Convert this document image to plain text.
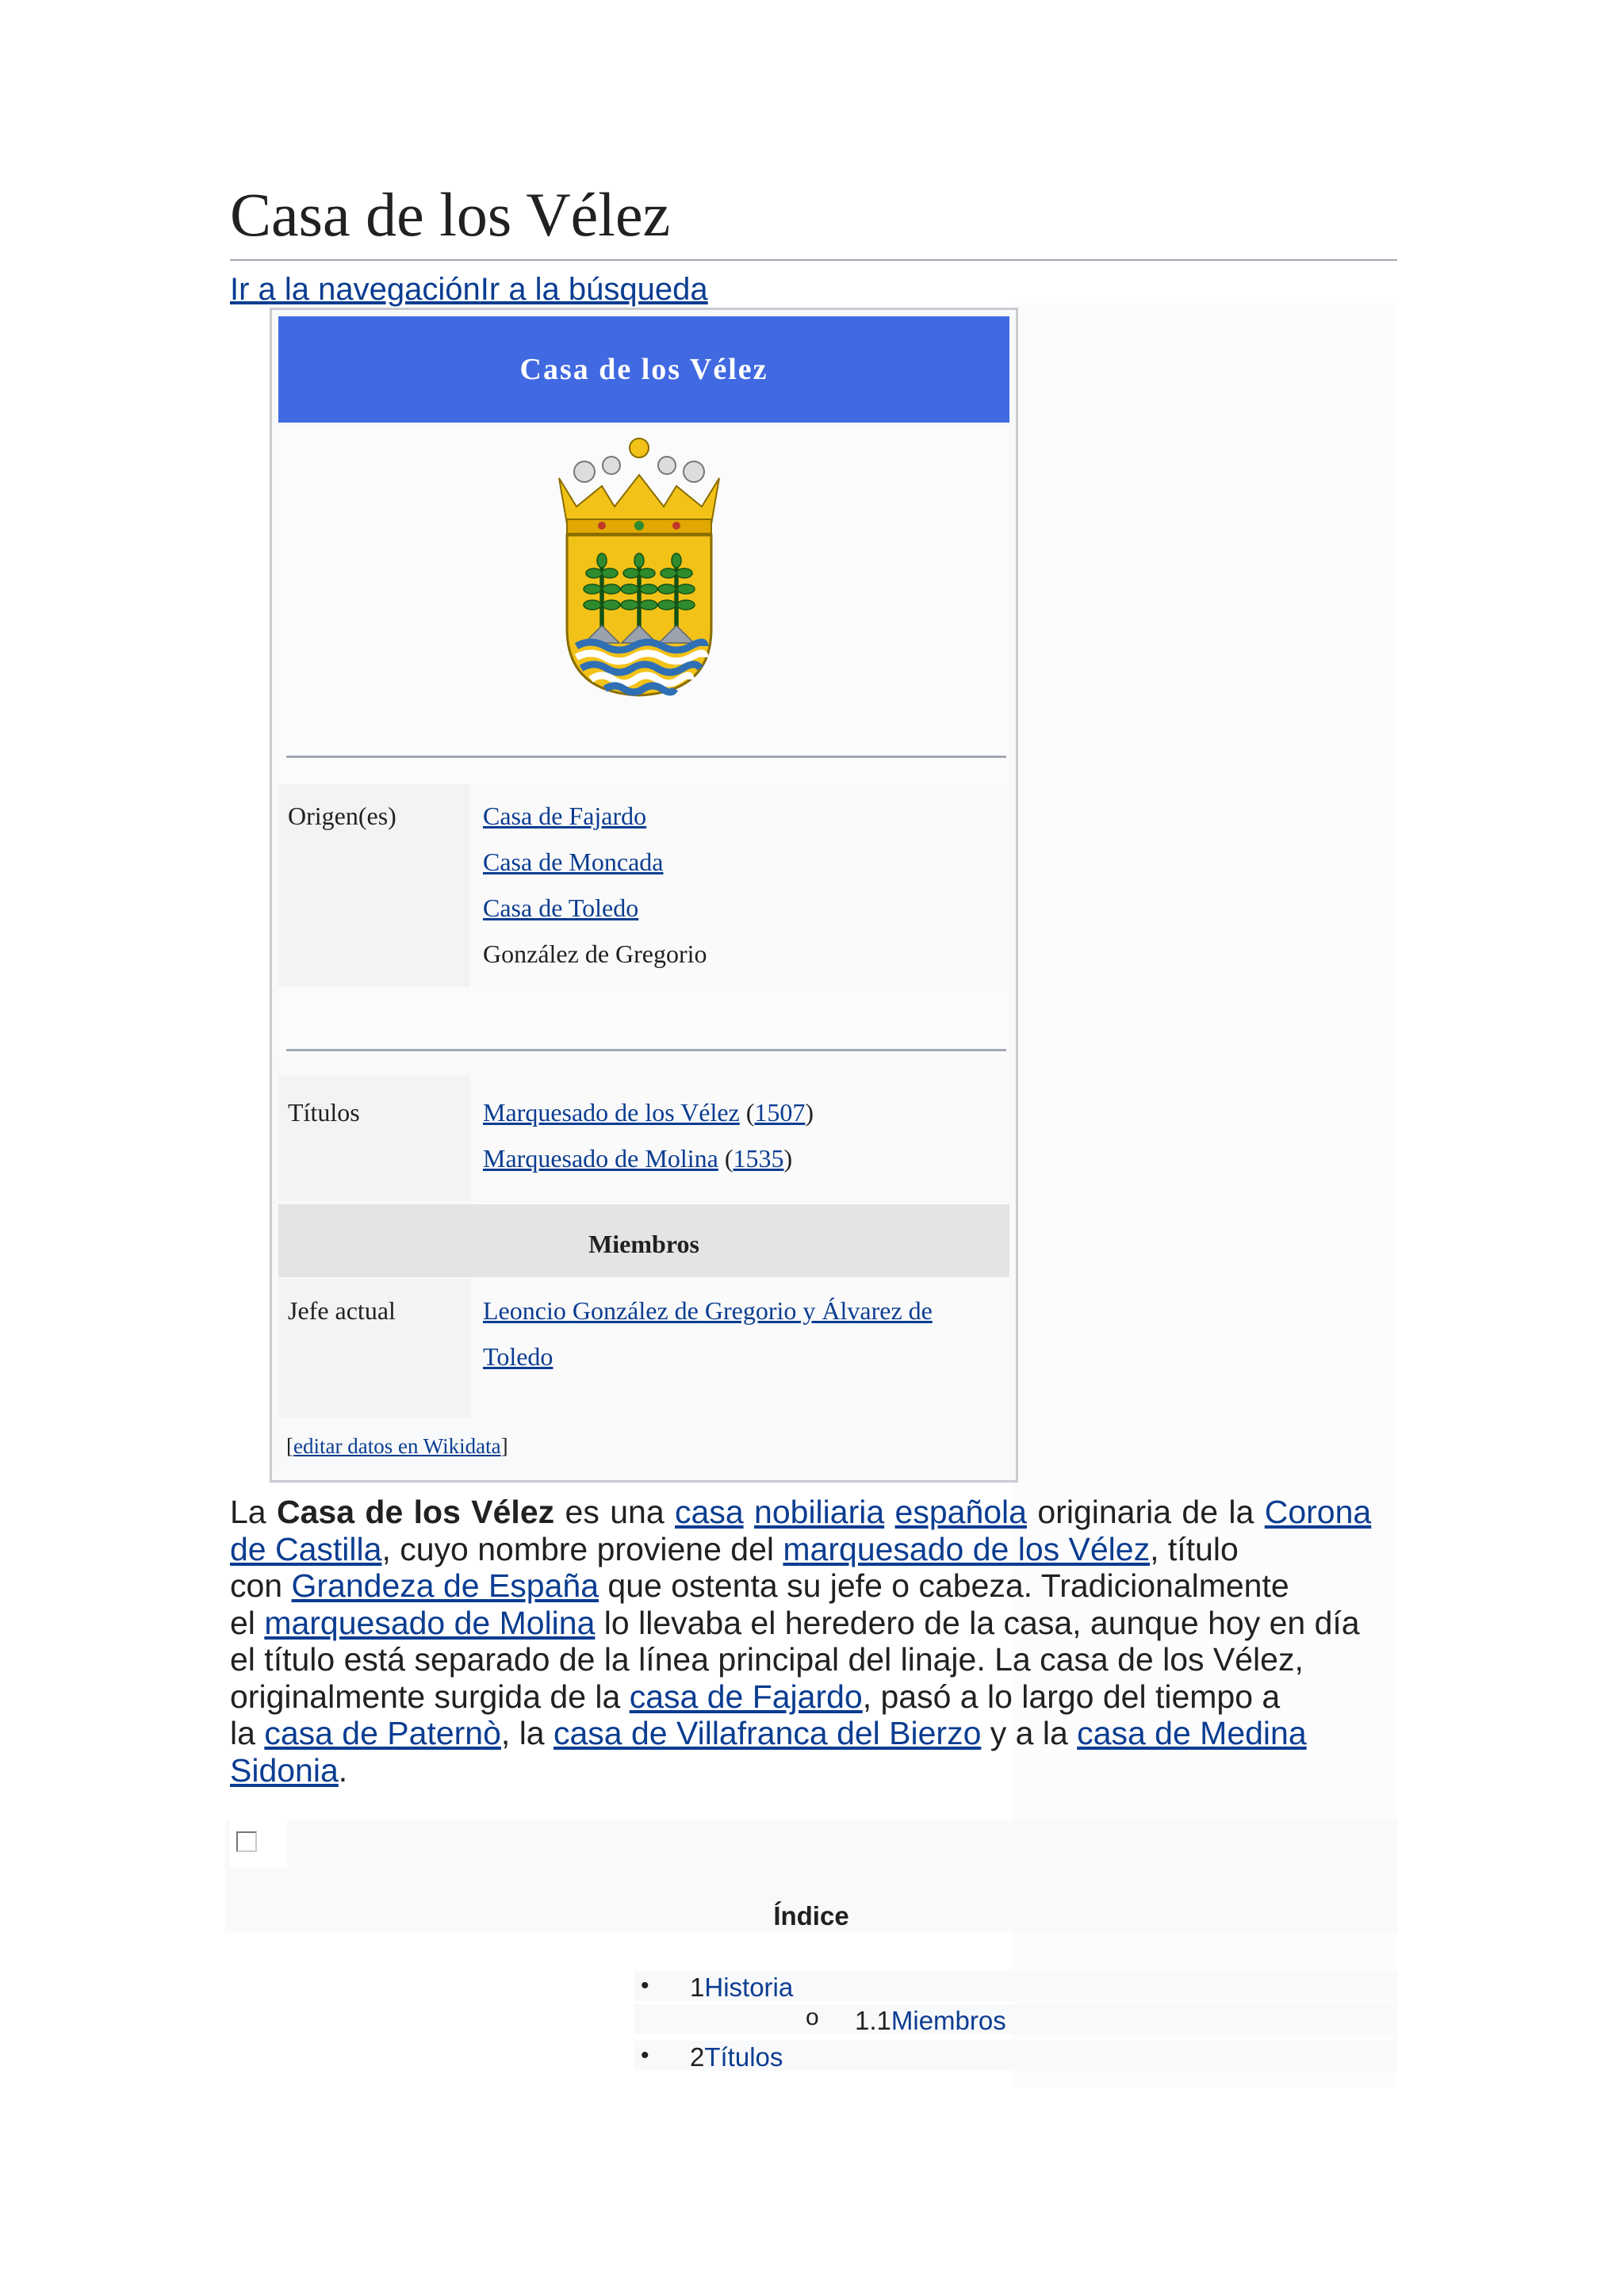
Casa de los Vélez
Ir a la navegaciónIr a la búsqueda
Casa de los Vélez
Origen(es)	Casa de Fajardo
Casa de Moncada
Casa de Toledo
González de Gregorio
Títulos	Marquesado de los Vélez (1507)
Marquesado de Molina (1535)
Miembros
Jefe actual	Leoncio González de Gregorio y Álvarez de
Toledo
[editar datos en Wikidata]
La Casa de los Vélez es una casa nobiliaria española originaria de la Corona
de Castilla, cuyo nombre proviene del marquesado de los Vélez, título
con Grandeza de España que ostenta su jefe o cabeza. Tradicionalmente
el marquesado de Molina lo llevaba el heredero de la casa, aunque hoy en día
el título está separado de la línea principal del linaje. La casa de los Vélez,
originalmente surgida de la casa de Fajardo, pasó a lo largo del tiempo a
la casa de Paternò, la casa de Villafranca del Bierzo y a la casa de Medina
Sidonia.
Índice
• 1Historia
o 1.1Miembros
• 2Títulos
